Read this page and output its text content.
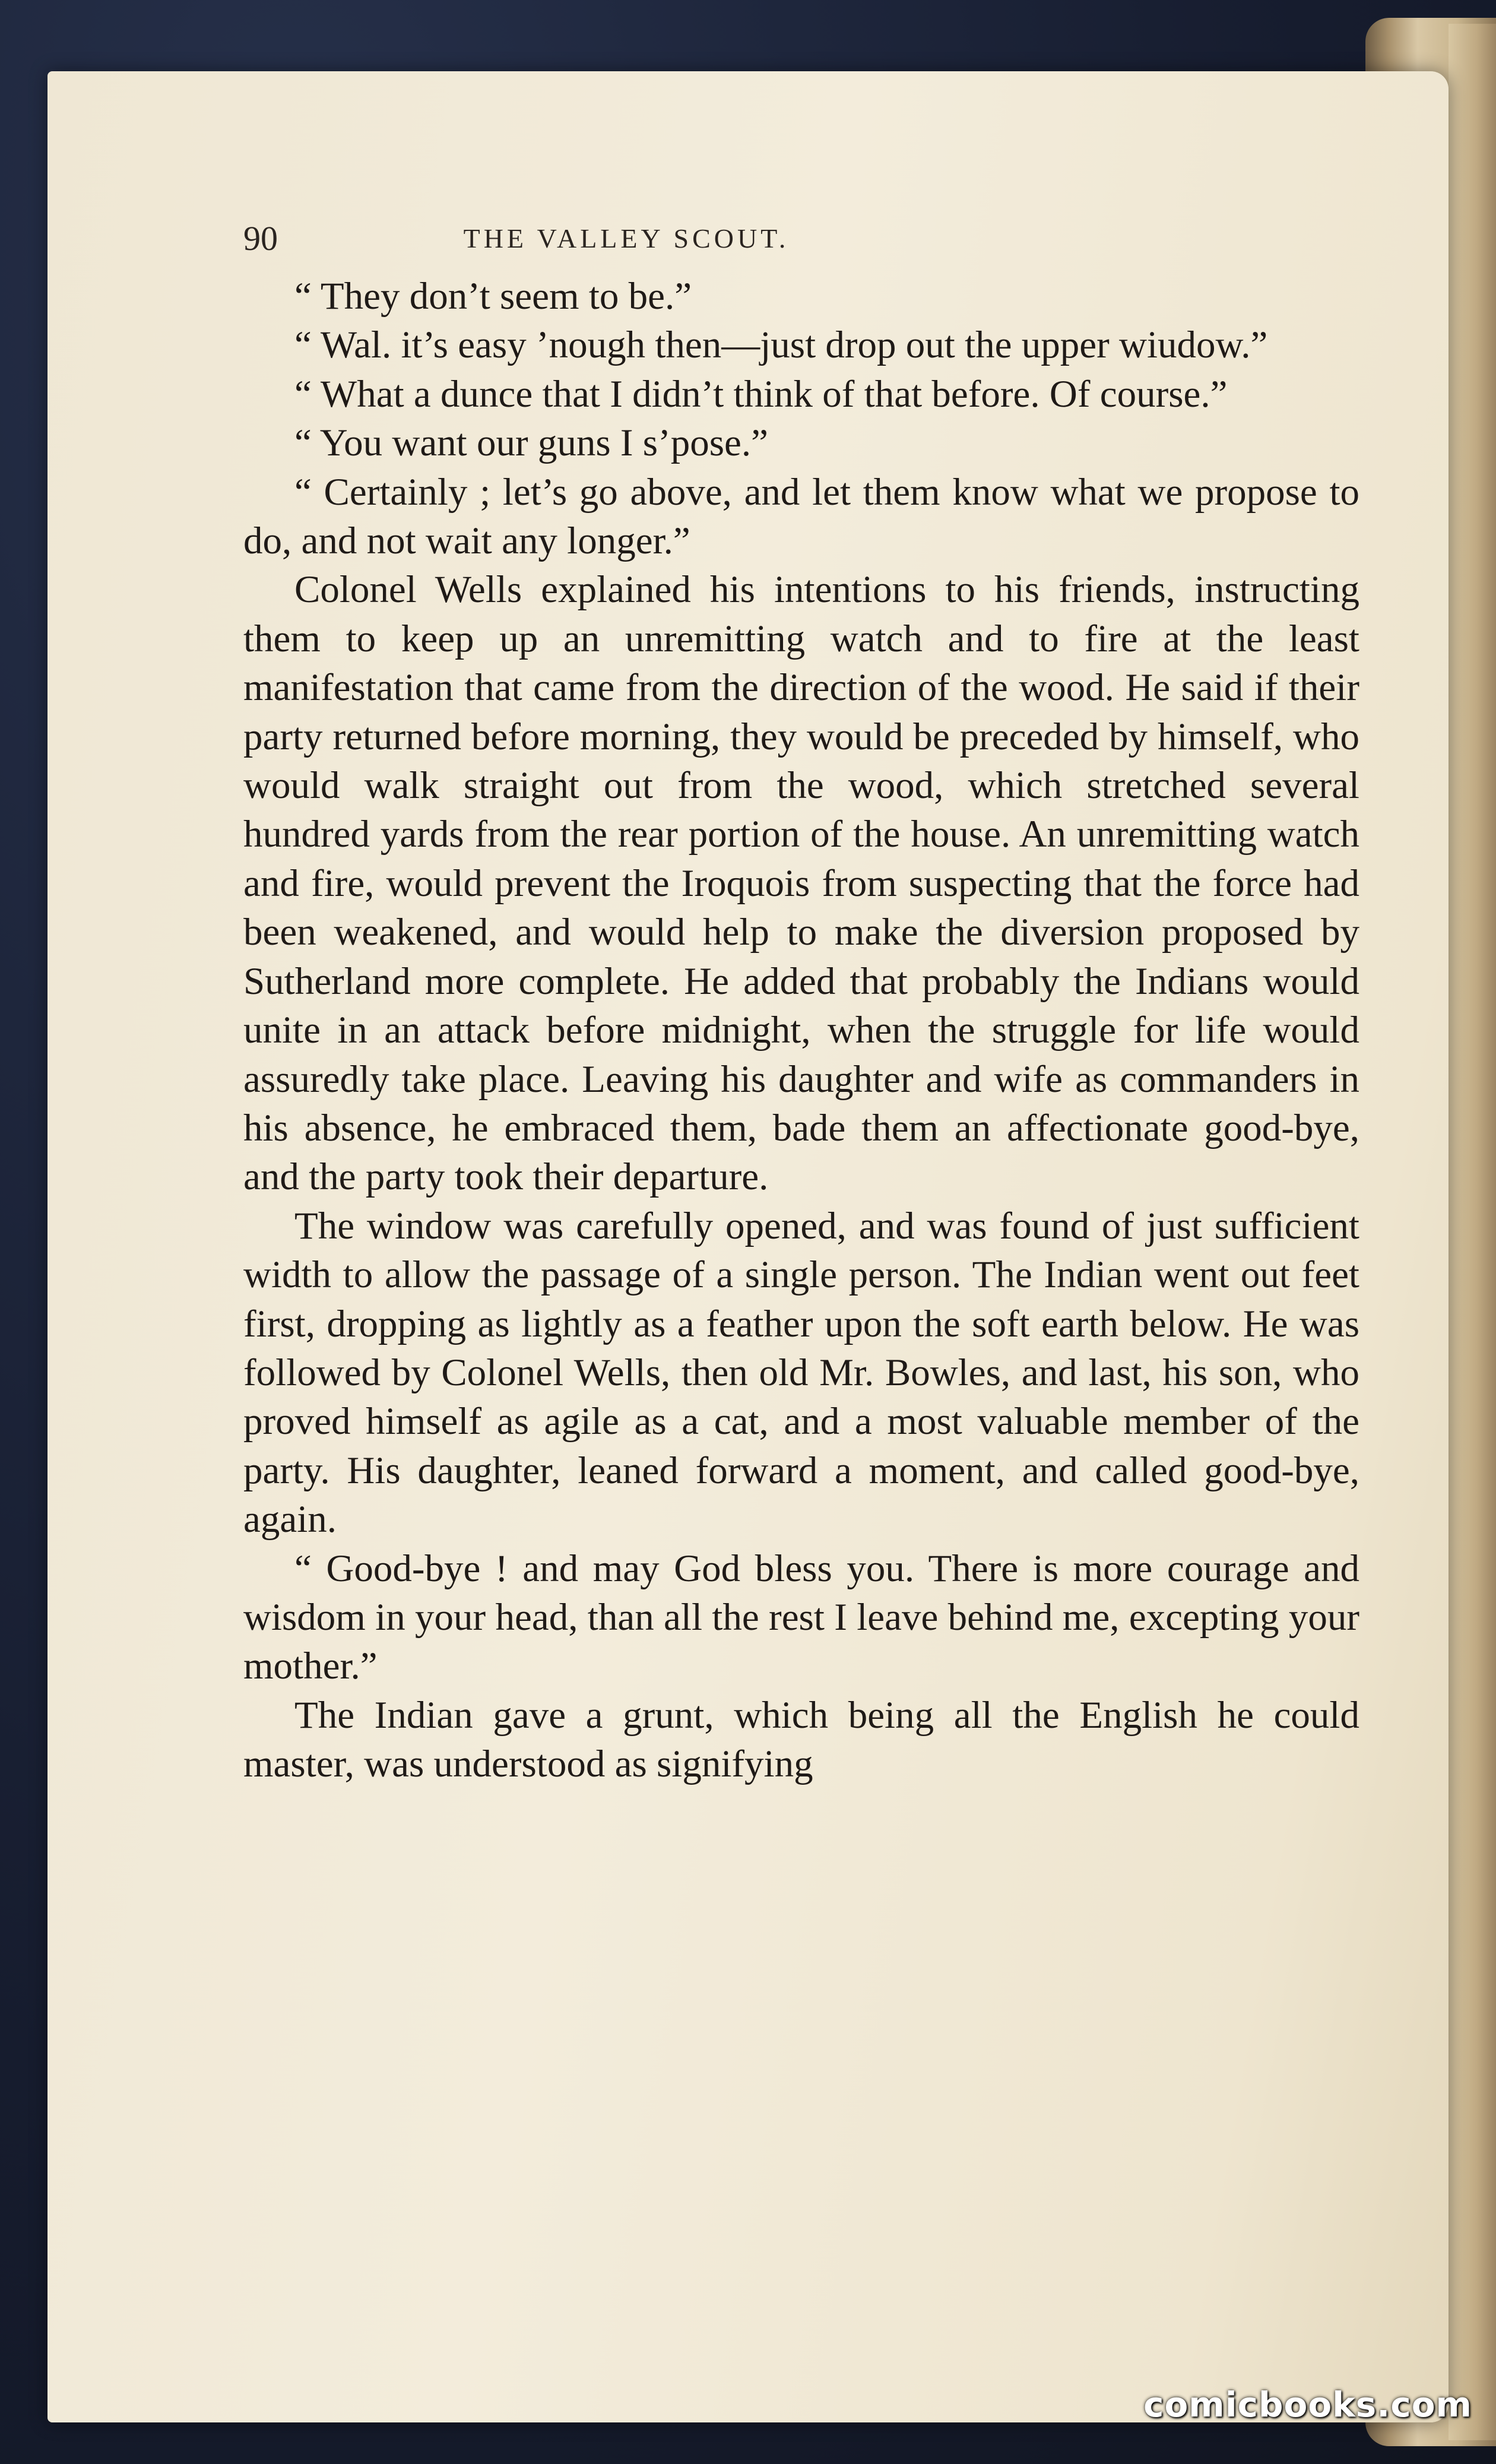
90	THE VALLEY SCOUT.

“ They don’t seem to be.”

“ Wal. it’s easy ’nough then—just drop out the upper wiudow.”

“ What a dunce that I didn’t think of that before. Of course.”

“ You want our guns I s’pose.”

“ Certainly ; let’s go above, and let them know what we propose to do, and not wait any longer.”

Colonel Wells explained his intentions to his friends, instructing them to keep up an unremitting watch and to fire at the least manifestation that came from the direction of the wood. He said if their party returned before morning, they would be preceded by himself, who would walk straight out from the wood, which stretched several hundred yards from the rear portion of the house. An unremitting watch and fire, would prevent the Iroquois from suspecting that the force had been weakened, and would help to make the diversion proposed by Sutherland more complete. He added that probably the Indians would unite in an attack before midnight, when the struggle for life would assuredly take place. Leaving his daughter and wife as commanders in his absence, he embraced them, bade them an affectionate good-bye, and the party took their departure.

The window was carefully opened, and was found of just sufficient width to allow the passage of a single person. The Indian went out feet first, dropping as lightly as a feather upon the soft earth below. He was followed by Colonel Wells, then old Mr. Bowles, and last, his son, who proved himself as agile as a cat, and a most valuable member of the party. His daughter, leaned forward a moment, and called good-bye, again.

“ Good-bye ! and may God bless you. There is more courage and wisdom in your head, than all the rest I leave behind me, excepting your mother.”

The Indian gave a grunt, which being all the English he could master, was understood as signifying

comicbooks.com
